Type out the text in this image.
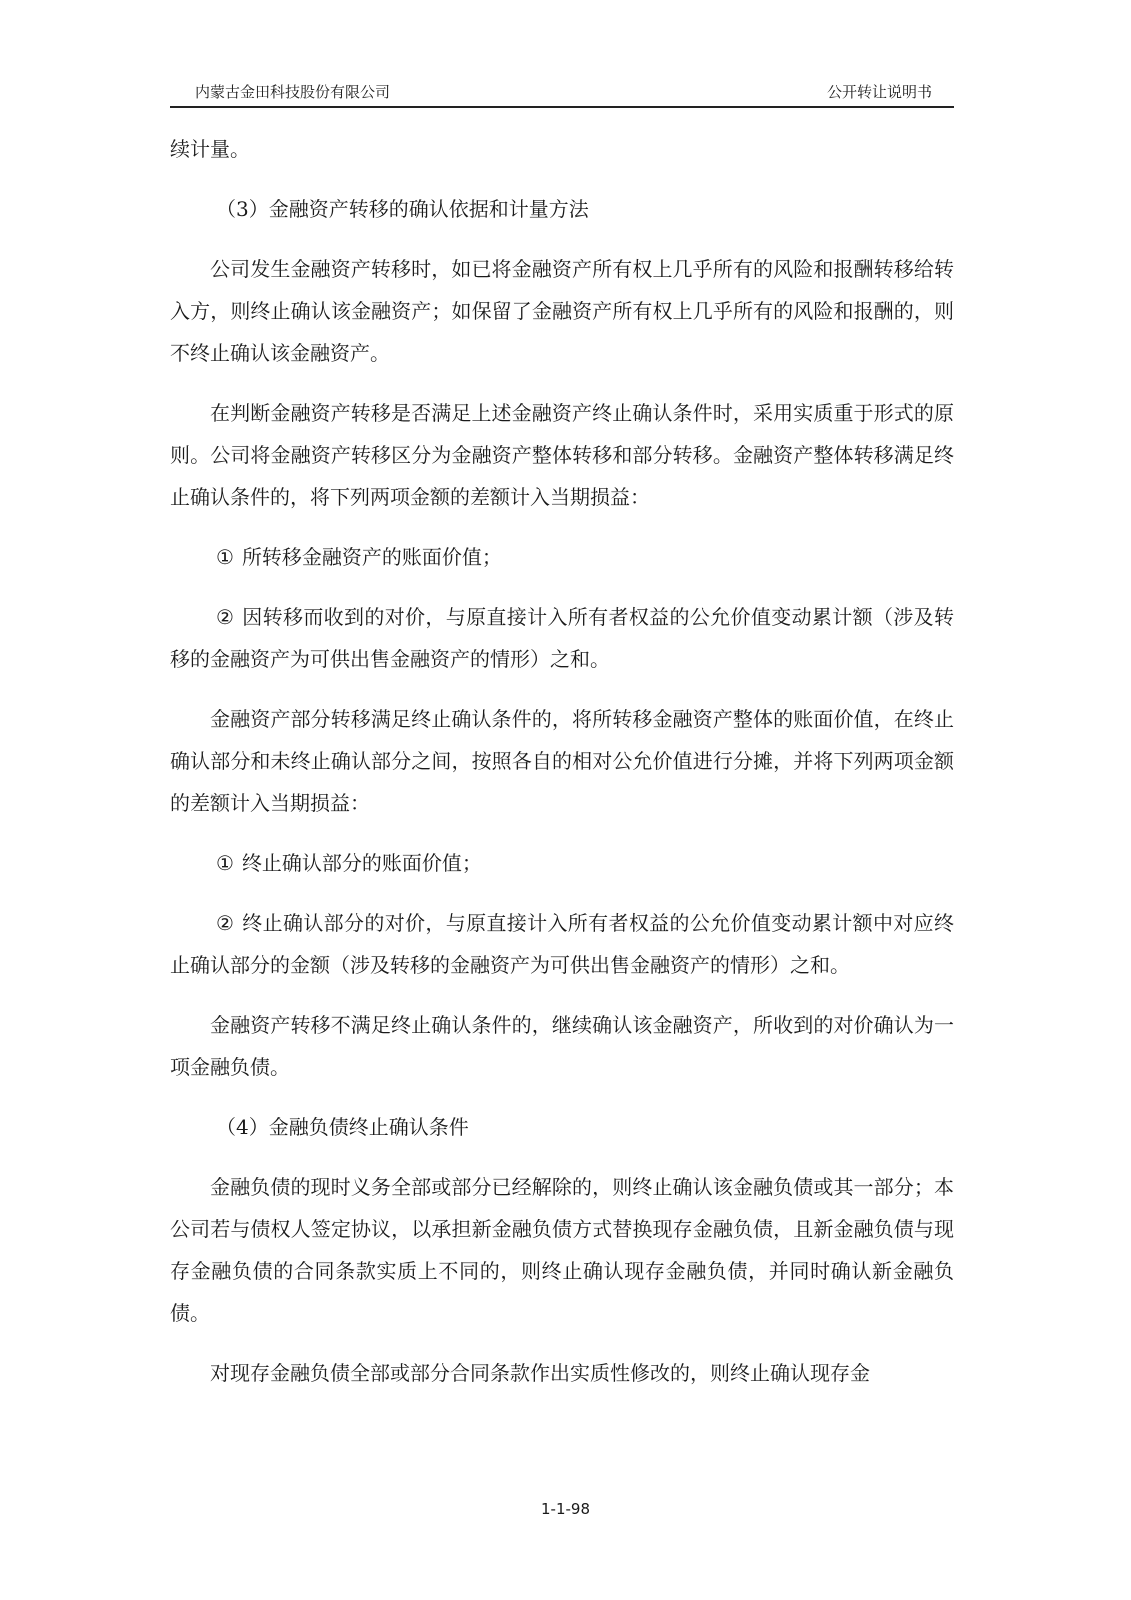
内蒙古金田科技股份有限公司	公开转让说明书

续计量。

（3）金融资产转移的确认依据和计量方法

公司发生金融资产转移时，如已将金融资产所有权上几乎所有的风险和报酬转移给转入方，则终止确认该金融资产；如保留了金融资产所有权上几乎所有的风险和报酬的，则不终止确认该金融资产。

在判断金融资产转移是否满足上述金融资产终止确认条件时，采用实质重于形式的原则。公司将金融资产转移区分为金融资产整体转移和部分转移。金融资产整体转移满足终止确认条件的，将下列两项金额的差额计入当期损益：

① 所转移金融资产的账面价值；

② 因转移而收到的对价，与原直接计入所有者权益的公允价值变动累计额（涉及转移的金融资产为可供出售金融资产的情形）之和。

金融资产部分转移满足终止确认条件的，将所转移金融资产整体的账面价值，在终止确认部分和未终止确认部分之间，按照各自的相对公允价值进行分摊，并将下列两项金额的差额计入当期损益：

① 终止确认部分的账面价值；

② 终止确认部分的对价，与原直接计入所有者权益的公允价值变动累计额中对应终止确认部分的金额（涉及转移的金融资产为可供出售金融资产的情形）之和。

金融资产转移不满足终止确认条件的，继续确认该金融资产，所收到的对价确认为一项金融负债。

（4）金融负债终止确认条件

金融负债的现时义务全部或部分已经解除的，则终止确认该金融负债或其一部分；本公司若与债权人签定协议，以承担新金融负债方式替换现存金融负债，且新金融负债与现存金融负债的合同条款实质上不同的，则终止确认现存金融负债，并同时确认新金融负债。

对现存金融负债全部或部分合同条款作出实质性修改的，则终止确认现存金

1-1-98
